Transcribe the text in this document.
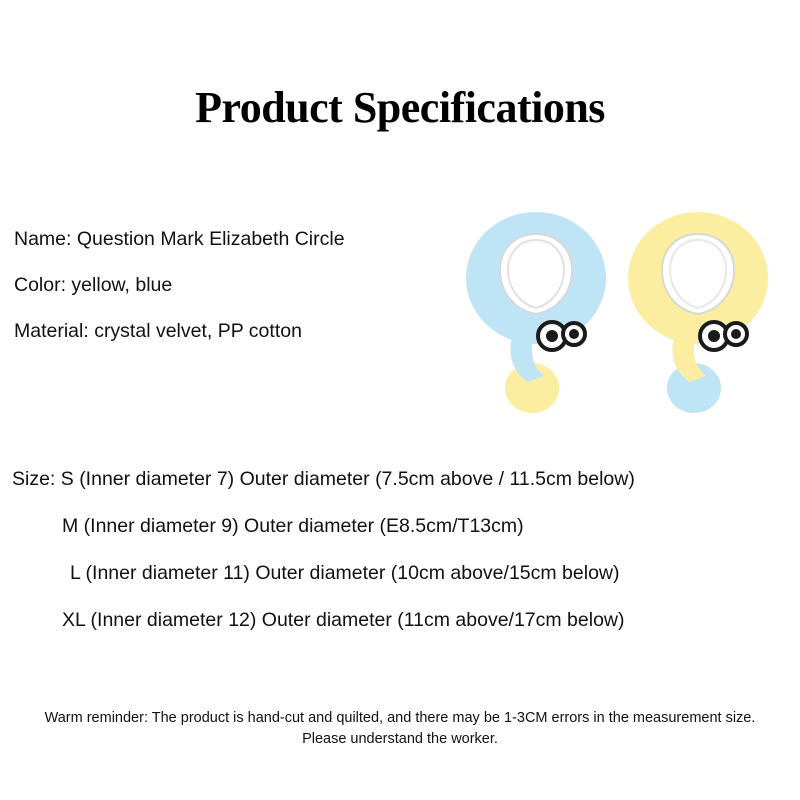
Product Specifications
Name: Question Mark Elizabeth Circle
Color: yellow, blue
Material: crystal velvet, PP cotton
Size: S (Inner diameter 7) Outer diameter (7.5cm above / 11.5cm below)
M (Inner diameter 9) Outer diameter (E8.5cm/T13cm)
L (Inner diameter 11) Outer diameter (10cm above/15cm below)
XL (Inner diameter 12) Outer diameter (11cm above/17cm below)
Warm reminder: The product is hand-cut and quilted, and there may be 1-3CM errors in the measurement size. Please understand the worker.
